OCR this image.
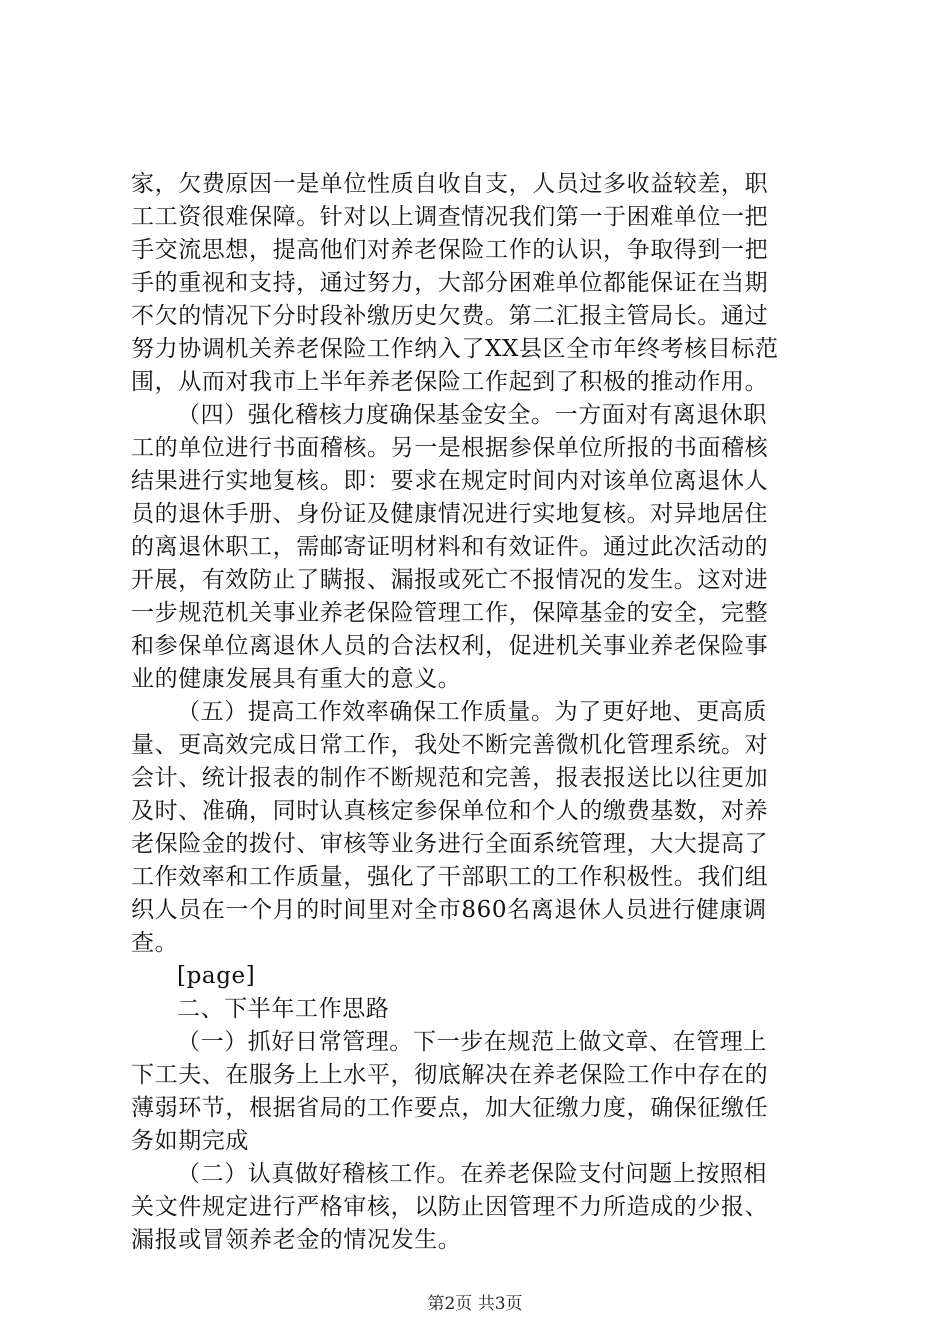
家，欠费原因一是单位性质自收自支，人员过多收益较差，职
工工资很难保障。针对以上调查情况我们第一于困难单位一把
手交流思想，提高他们对养老保险工作的认识，争取得到一把
手的重视和支持，通过努力，大部分困难单位都能保证在当期
不欠的情况下分时段补缴历史欠费。第二汇报主管局长。通过
努力协调机关养老保险工作纳入了XX县区全市年终考核目标范
围，从而对我市上半年养老保险工作起到了积极的推动作用。
（四）强化稽核力度确保基金安全。一方面对有离退休职
工的单位进行书面稽核。另一是根据参保单位所报的书面稽核
结果进行实地复核。即：要求在规定时间内对该单位离退休人
员的退休手册、身份证及健康情况进行实地复核。对异地居住
的离退休职工，需邮寄证明材料和有效证件。通过此次活动的
开展，有效防止了瞒报、漏报或死亡不报情况的发生。这对进
一步规范机关事业养老保险管理工作，保障基金的安全，完整
和参保单位离退休人员的合法权利，促进机关事业养老保险事
业的健康发展具有重大的意义。
（五）提高工作效率确保工作质量。为了更好地、更高质
量、更高效完成日常工作，我处不断完善微机化管理系统。对
会计、统计报表的制作不断规范和完善，报表报送比以往更加
及时、准确，同时认真核定参保单位和个人的缴费基数，对养
老保险金的拨付、审核等业务进行全面系统管理，大大提高了
工作效率和工作质量，强化了干部职工的工作积极性。我们组
织人员在一个月的时间里对全市860名离退休人员进行健康调
查。
[page]
二、下半年工作思路
（一）抓好日常管理。下一步在规范上做文章、在管理上
下工夫、在服务上上水平，彻底解决在养老保险工作中存在的
薄弱环节，根据省局的工作要点，加大征缴力度，确保征缴任
务如期完成
（二）认真做好稽核工作。在养老保险支付问题上按照相
关文件规定进行严格审核，以防止因管理不力所造成的少报、
漏报或冒领养老金的情况发生。
第2页 共3页
